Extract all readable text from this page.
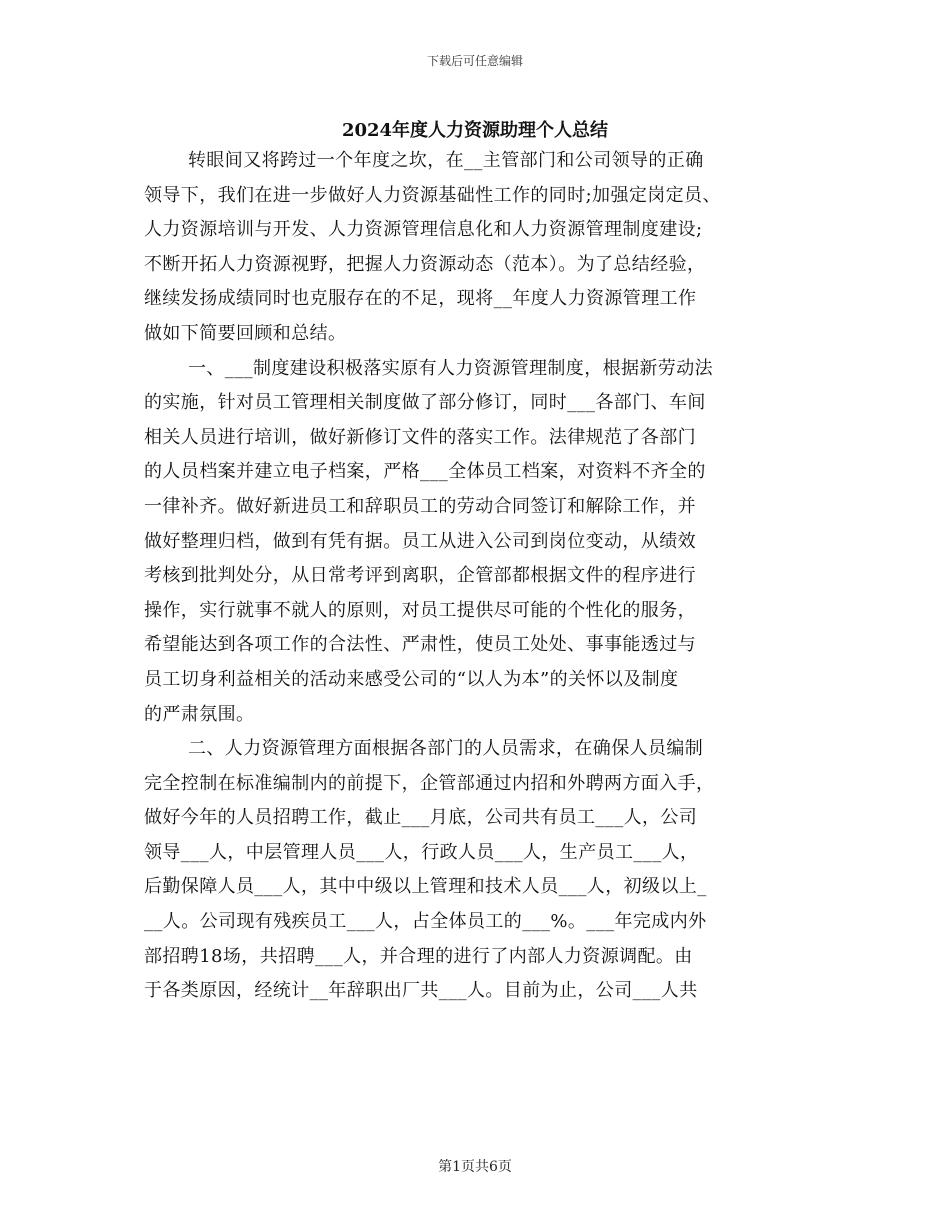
下载后可任意编辑
2024年度人力资源助理个人总结

转眼间又将跨过一个年度之坎，在__主管部门和公司领导的正确
领导下，我们在进一步做好人力资源基础性工作的同时;加强定岗定员、
人力资源培训与开发、人力资源管理信息化和人力资源管理制度建设;
不断开拓人力资源视野，把握人力资源动态（范本）。为了总结经验，
继续发扬成绩同时也克服存在的不足，现将__年度人力资源管理工作
做如下简要回顾和总结。

一、___制度建设积极落实原有人力资源管理制度，根据新劳动法
的实施，针对员工管理相关制度做了部分修订，同时___各部门、车间
相关人员进行培训，做好新修订文件的落实工作。法律规范了各部门
的人员档案并建立电子档案，严格___全体员工档案，对资料不齐全的
一律补齐。做好新进员工和辞职员工的劳动合同签订和解除工作，并
做好整理归档，做到有凭有据。员工从进入公司到岗位变动，从绩效
考核到批判处分，从日常考评到离职，企管部都根据文件的程序进行
操作，实行就事不就人的原则，对员工提供尽可能的个性化的服务，
希望能达到各项工作的合法性、严肃性，使员工处处、事事能透过与
员工切身利益相关的活动来感受公司的“以人为本”的关怀以及制度
的严肃氛围。

二、人力资源管理方面根据各部门的人员需求，在确保人员编制
完全控制在标准编制内的前提下，企管部通过内招和外聘两方面入手，
做好今年的人员招聘工作，截止___月底，公司共有员工___人，公司
领导___人，中层管理人员___人，行政人员___人，生产员工___人，
后勤保障人员___人，其中中级以上管理和技术人员___人，初级以上_
__人。公司现有残疾员工___人，占全体员工的___%。___年完成内外
部招聘18场，共招聘___人，并合理的进行了内部人力资源调配。由
于各类原因，经统计__年辞职出厂共___人。目前为止，公司___人共

第1页共6页
